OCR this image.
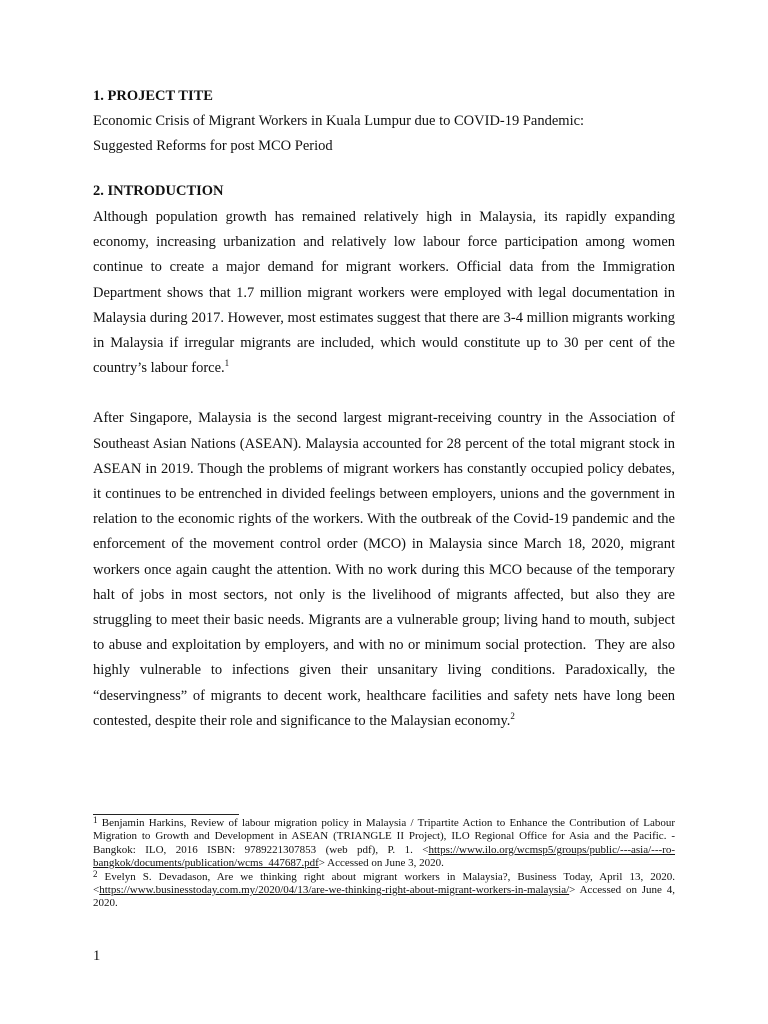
1. PROJECT TITE

Economic Crisis of Migrant Workers in Kuala Lumpur due to COVID-19 Pandemic:

Suggested Reforms for post MCO Period

2. INTRODUCTION

Although population growth has remained relatively high in Malaysia, its rapidly expanding economy, increasing urbanization and relatively low labour force participation among women continue to create a major demand for migrant workers. Official data from the Immigration Department shows that 1.7 million migrant workers were employed with legal documentation in Malaysia during 2017. However, most estimates suggest that there are 3-4 million migrants working in Malaysia if irregular migrants are included, which would constitute up to 30 per cent of the country’s labour force.$^1$

After Singapore, Malaysia is the second largest migrant-receiving country in the Association of Southeast Asian Nations (ASEAN). Malaysia accounted for 28 percent of the total migrant stock in ASEAN in 2019. Though the problems of migrant workers has constantly occupied policy debates, it continues to be entrenched in divided feelings between employers, unions and the government in relation to the economic rights of the workers. With the outbreak of the Covid-19 pandemic and the enforcement of the movement control order (MCO) in Malaysia since March 18, 2020, migrant workers once again caught the attention. With no work during this MCO because of the temporary halt of jobs in most sectors, not only is the livelihood of migrants affected, but also they are struggling to meet their basic needs. Migrants are a vulnerable group; living hand to mouth, subject to abuse and exploitation by employers, and with no or minimum social protection.  They are also highly vulnerable to infections given their unsanitary living conditions. Paradoxically, the “deservingness” of migrants to decent work, healthcare facilities and safety nets have long been contested, despite their role and significance to the Malaysian economy.$^2$

$^1$ Benjamin Harkins, Review of labour migration policy in Malaysia / Tripartite Action to Enhance the Contribution of Labour Migration to Growth and Development in ASEAN (TRIANGLE II Project), ILO Regional Office for Asia and the Pacific. - Bangkok: ILO, 2016 ISBN: 9789221307853 (web pdf), P. 1. <https://www.ilo.org/wcmsp5/groups/public/---asia/---ro-bangkok/documents/publication/wcms_447687.pdf> Accessed on June 3, 2020.

$^2$ Evelyn S. Devadason, Are we thinking right about migrant workers in Malaysia?, Business Today, April 13, 2020. <https://www.businesstoday.com.my/2020/04/13/are-we-thinking-right-about-migrant-workers-in-malaysia/> Accessed on June 4, 2020.

1
